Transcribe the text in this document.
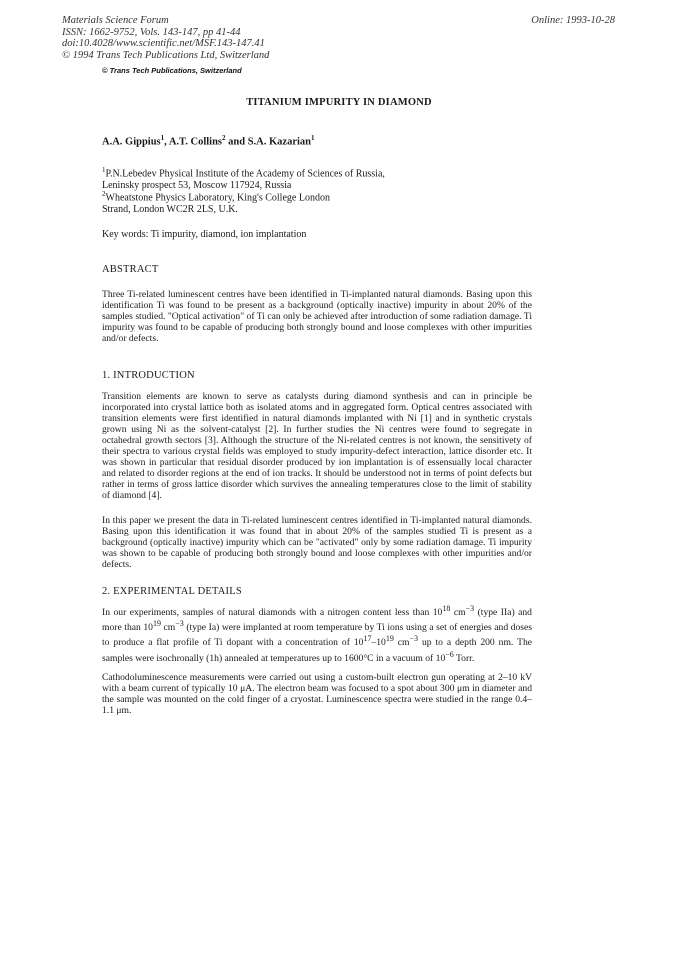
Materials Science Forum
ISSN: 1662-9752, Vols. 143-147, pp 41-44
doi:10.4028/www.scientific.net/MSF.143-147.41
© 1994 Trans Tech Publications Ltd, Switzerland
Online: 1993-10-28
© Trans Tech Publications, Switzerland
TITANIUM IMPURITY IN DIAMOND
A.A. Gippius$^1$, A.T. Collins$^2$ and S.A. Kazarian$^1$
$^1$P.N.Lebedev Physical Institute of the Academy of Sciences of Russia,
Leninsky prospect 53, Moscow 117924, Russia
$^2$Wheatstone Physics Laboratory, King's College London
Strand, London WC2R 2LS, U.K.
Key words: Ti impurity, diamond, ion implantation
ABSTRACT
Three Ti-related luminescent centres have been identified in Ti-implanted natural diamonds. Basing upon this identification Ti was found to be present as a background (optically inactive) impurity in about 20% of the samples studied. "Optical activation" of Ti can only be achieved after introduction of some radiation damage. Ti impurity was found to be capable of producing both strongly bound and loose complexes with other impurities and/or defects.
1. INTRODUCTION
Transition elements are known to serve as catalysts during diamond synthesis and can in principle be incorporated into crystal lattice both as isolated atoms and in aggregated form. Optical centres associated with transition elements were first identified in natural diamonds implanted with Ni [1] and in synthetic crystals grown using Ni as the solvent-catalyst [2]. In further studies the Ni centres were found to segregate in octahedral growth sectors [3]. Although the structure of the Ni-related centres is not known, the sensitivety of their spectra to various crystal fields was employed to study impurity-defect interaction, lattice disorder etc. It was shown in particular that residual disorder produced by ion implantation is of essensually local character and related to disorder regions at the end of ion tracks. It should be understood not in terms of point defects but rather in terms of gross lattice disorder which survives the annealing temperatures close to the limit of stability of diamond [4].
In this paper we present the data in Ti-related luminescent centres identified in Ti-implanted natural diamonds. Basing upon this identification it was found that in about 20% of the samples studied Ti is present as a background (optically inactive) impurity which can be "activated" only by some radiation damage. Ti impurity was shown to be capable of producing both strongly bound and loose complexes with other impurities and/or defects.
2. EXPERIMENTAL DETAILS
In our experiments, samples of natural diamonds with a nitrogen content less than $10^{18}$ $cm^{-3}$ (type IIa) and more than $10^{19}$ $cm^{-3}$ (type Ia) were implanted at room temperature by Ti ions using a set of energies and doses to produce a flat profile of Ti dopant with a concentration of $10^{17}-10^{19}$ $cm^{-3}$ up to a depth 200 nm. The samples were isochronally (1h) annealed at temperatures up to 1600°C in a vacuum of $10^{-6}$ Torr.
Cathodoluminescence measurements were carried out using a custom-built electron gun operating at 2–10 kV with a beam current of typically 10 μA. The electron beam was focused to a spot about 300 μm in diameter and the sample was mounted on the cold finger of a cryostat. Luminescence spectra were studied in the range 0.4–1.1 μm.
